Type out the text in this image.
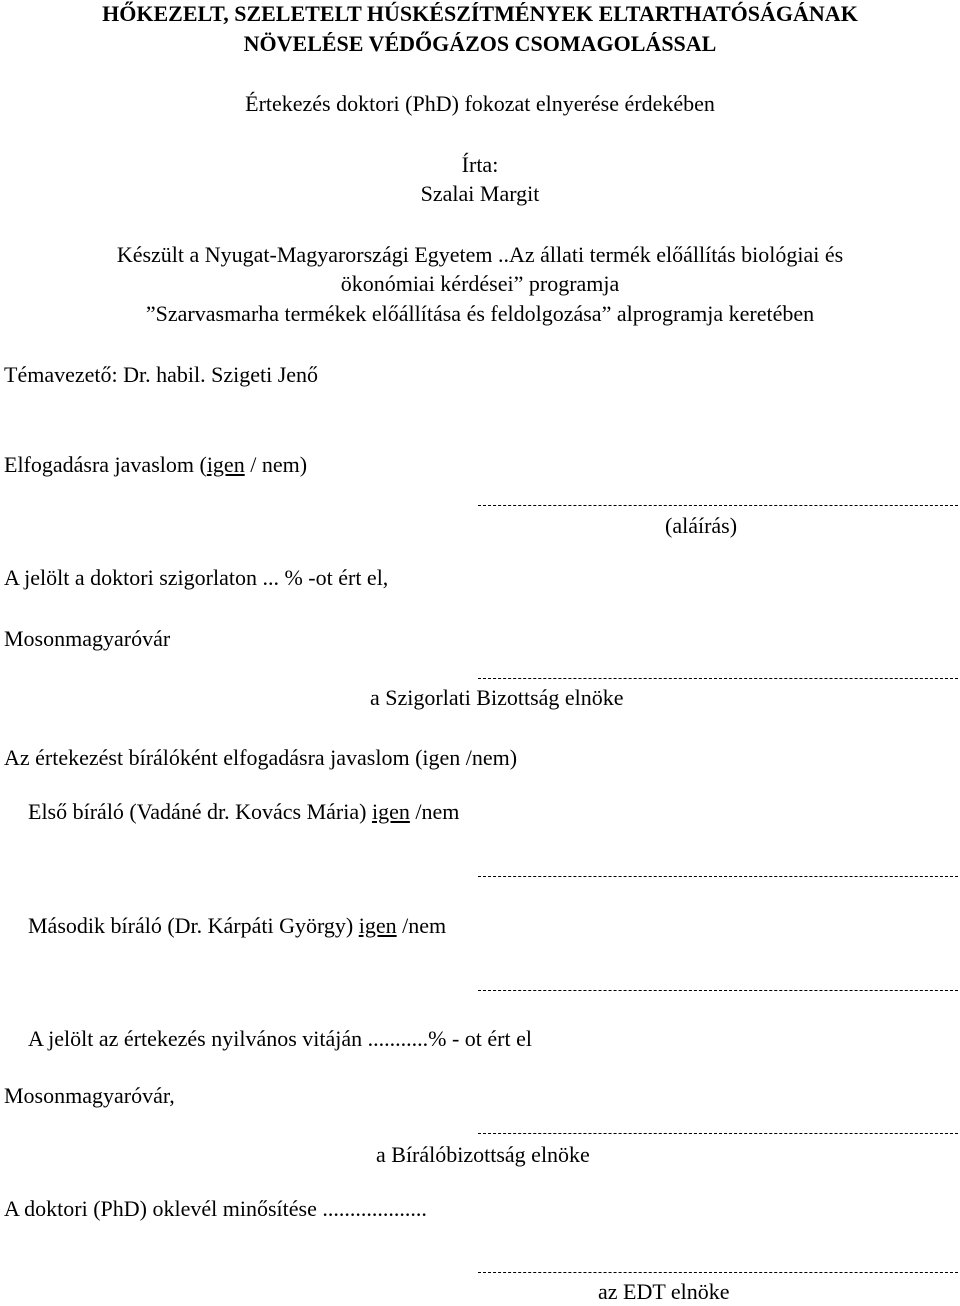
HŐKEZELT, SZELETELT HÚSKÉSZÍTMÉNYEK ELTARTHATÓSÁGÁNAK
NÖVELÉSE VÉDŐGÁZOS CSOMAGOLÁSSAL
Értekezés doktori (PhD) fokozat elnyerése érdekében
Írta:
Szalai Margit
Készült a Nyugat-Magyarországi Egyetem ..Az állati termék előállítás biológiai és
ökonómiai kérdései” programja
”Szarvasmarha termékek előállítása és feldolgozása” alprogramja keretében
Témavezető: Dr. habil. Szigeti Jenő
Elfogadásra javaslom (igen / nem)
(aláírás)
A jelölt a doktori szigorlaton ... % -ot ért el,
Mosonmagyaróvár
a Szigorlati Bizottság elnöke
Az értekezést bírálóként elfogadásra javaslom (igen /nem)
Első bíráló (Vadáné dr. Kovács Mária) igen /nem
Második bíráló (Dr. Kárpáti György) igen /nem
A jelölt az értekezés nyilvános vitáján ...........% - ot ért el
Mosonmagyaróvár,
a Bírálóbizottság elnöke
A doktori (PhD) oklevél minősítése ...................
az EDT elnöke
